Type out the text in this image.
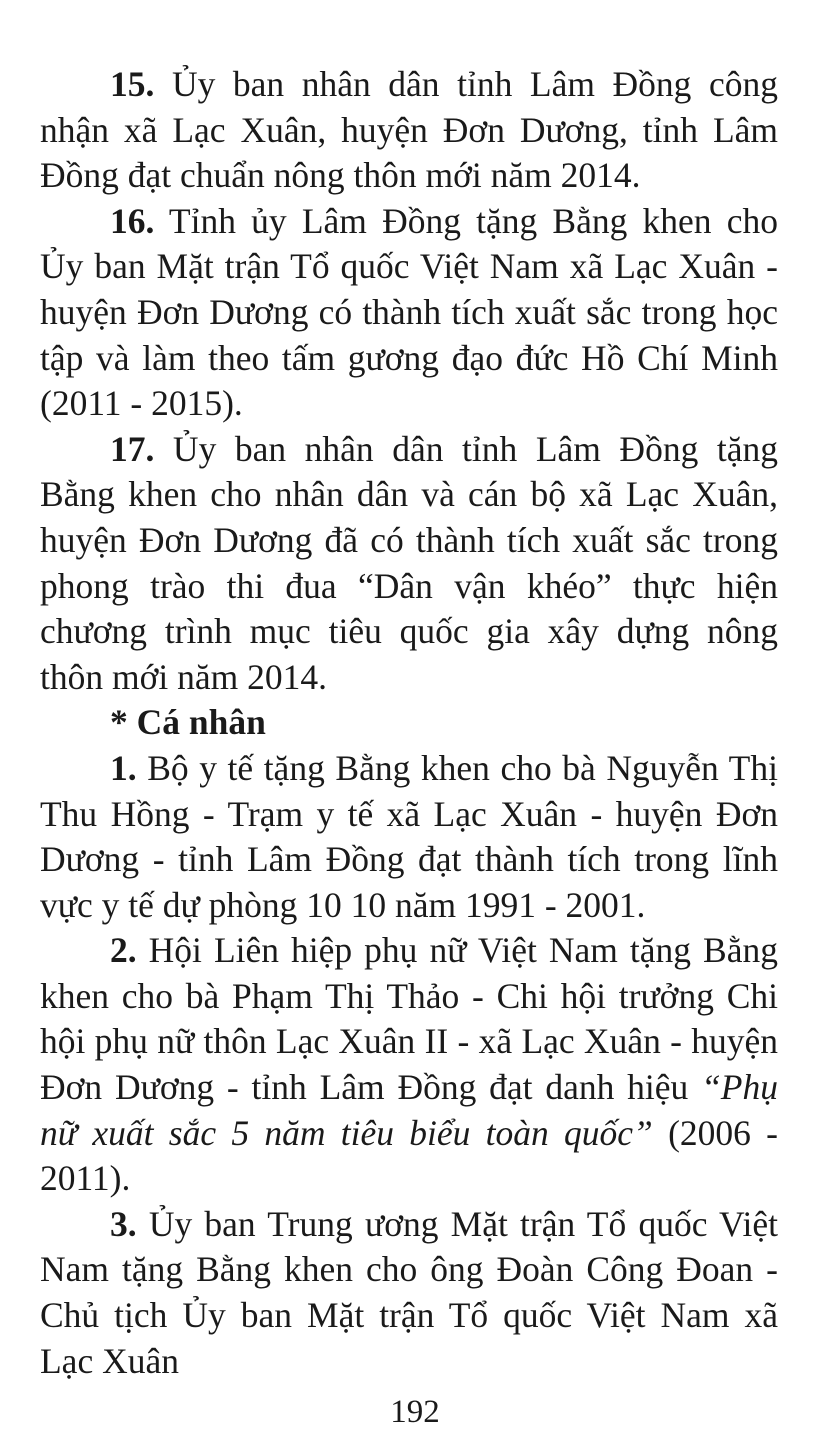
15. Ủy ban nhân dân tỉnh Lâm Đồng công nhận xã Lạc Xuân, huyện Đơn Dương, tỉnh Lâm Đồng đạt chuẩn nông thôn mới năm 2014.

16. Tỉnh ủy Lâm Đồng tặng Bằng khen cho Ủy ban Mặt trận Tổ quốc Việt Nam xã Lạc Xuân - huyện Đơn Dương có thành tích xuất sắc trong học tập và làm theo tấm gương đạo đức Hồ Chí Minh (2011 - 2015).

17. Ủy ban nhân dân tỉnh Lâm Đồng tặng Bằng khen cho nhân dân và cán bộ xã Lạc Xuân, huyện Đơn Dương đã có thành tích xuất sắc trong phong trào thi đua “Dân vận khéo” thực hiện chương trình mục tiêu quốc gia xây dựng nông thôn mới năm 2014.

* Cá nhân

1. Bộ y tế tặng Bằng khen cho bà Nguyễn Thị Thu Hồng - Trạm y tế xã Lạc Xuân - huyện Đơn Dương - tỉnh Lâm Đồng đạt thành tích trong lĩnh vực y tế dự phòng 10 10 năm 1991 - 2001.

2. Hội Liên hiệp phụ nữ Việt Nam tặng Bằng khen cho bà Phạm Thị Thảo - Chi hội trưởng Chi hội phụ nữ thôn Lạc Xuân II - xã Lạc Xuân - huyện Đơn Dương - tỉnh Lâm Đồng đạt danh hiệu “Phụ nữ xuất sắc 5 năm tiêu biểu toàn quốc” (2006 - 2011).

3. Ủy ban Trung ương Mặt trận Tổ quốc Việt Nam tặng Bằng khen cho ông Đoàn Công Đoan - Chủ tịch Ủy ban Mặt trận Tổ quốc Việt Nam xã Lạc Xuân

192
